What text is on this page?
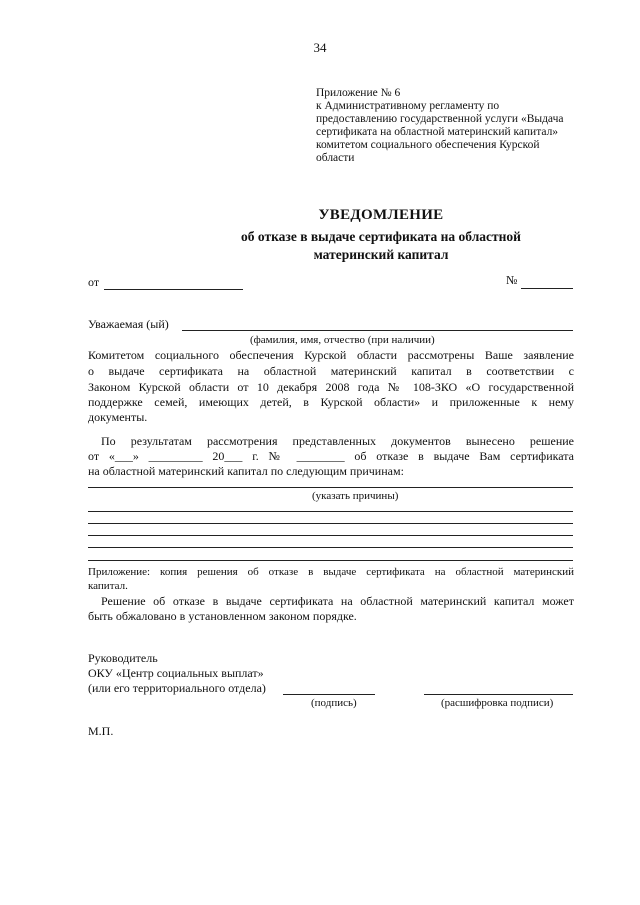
34
Приложение № 6
к Административному регламенту по
предоставлению государственной услуги «Выдача
сертификата на областной материнский капитал»
комитетом социального обеспечения Курской
области
УВЕДОМЛЕНИЕ
об отказе в выдаче сертификата на областной
материнский капитал
от	№
Уважаемая (ый)
(фамилия, имя, отчество (при наличии)
Комитетом социального обеспечения Курской области рассмотрены Ваше заявление
о выдаче сертификата на областной материнский капитал в соответствии с
Законом Курской области от 10 декабря 2008 года № 108-ЗКО «О государственной
поддержке семей, имеющих детей, в Курской области» и приложенные к нему
документы.
По результатам рассмотрения представленных документов вынесено решение
от «___» _________ 20___ г. № ________ об отказе в выдаче Вам сертификата
на областной материнский капитал по следующим причинам:
(указать причины)
Приложение: копия решения об отказе в выдаче сертификата на областной материнский
капитал.
Решение об отказе в выдаче сертификата на областной материнский капитал может
быть обжаловано в установленном законом порядке.
Руководитель
ОКУ «Центр социальных выплат»
(или его территориального отдела)
(подпись)	(расшифровка подписи)
М.П.
